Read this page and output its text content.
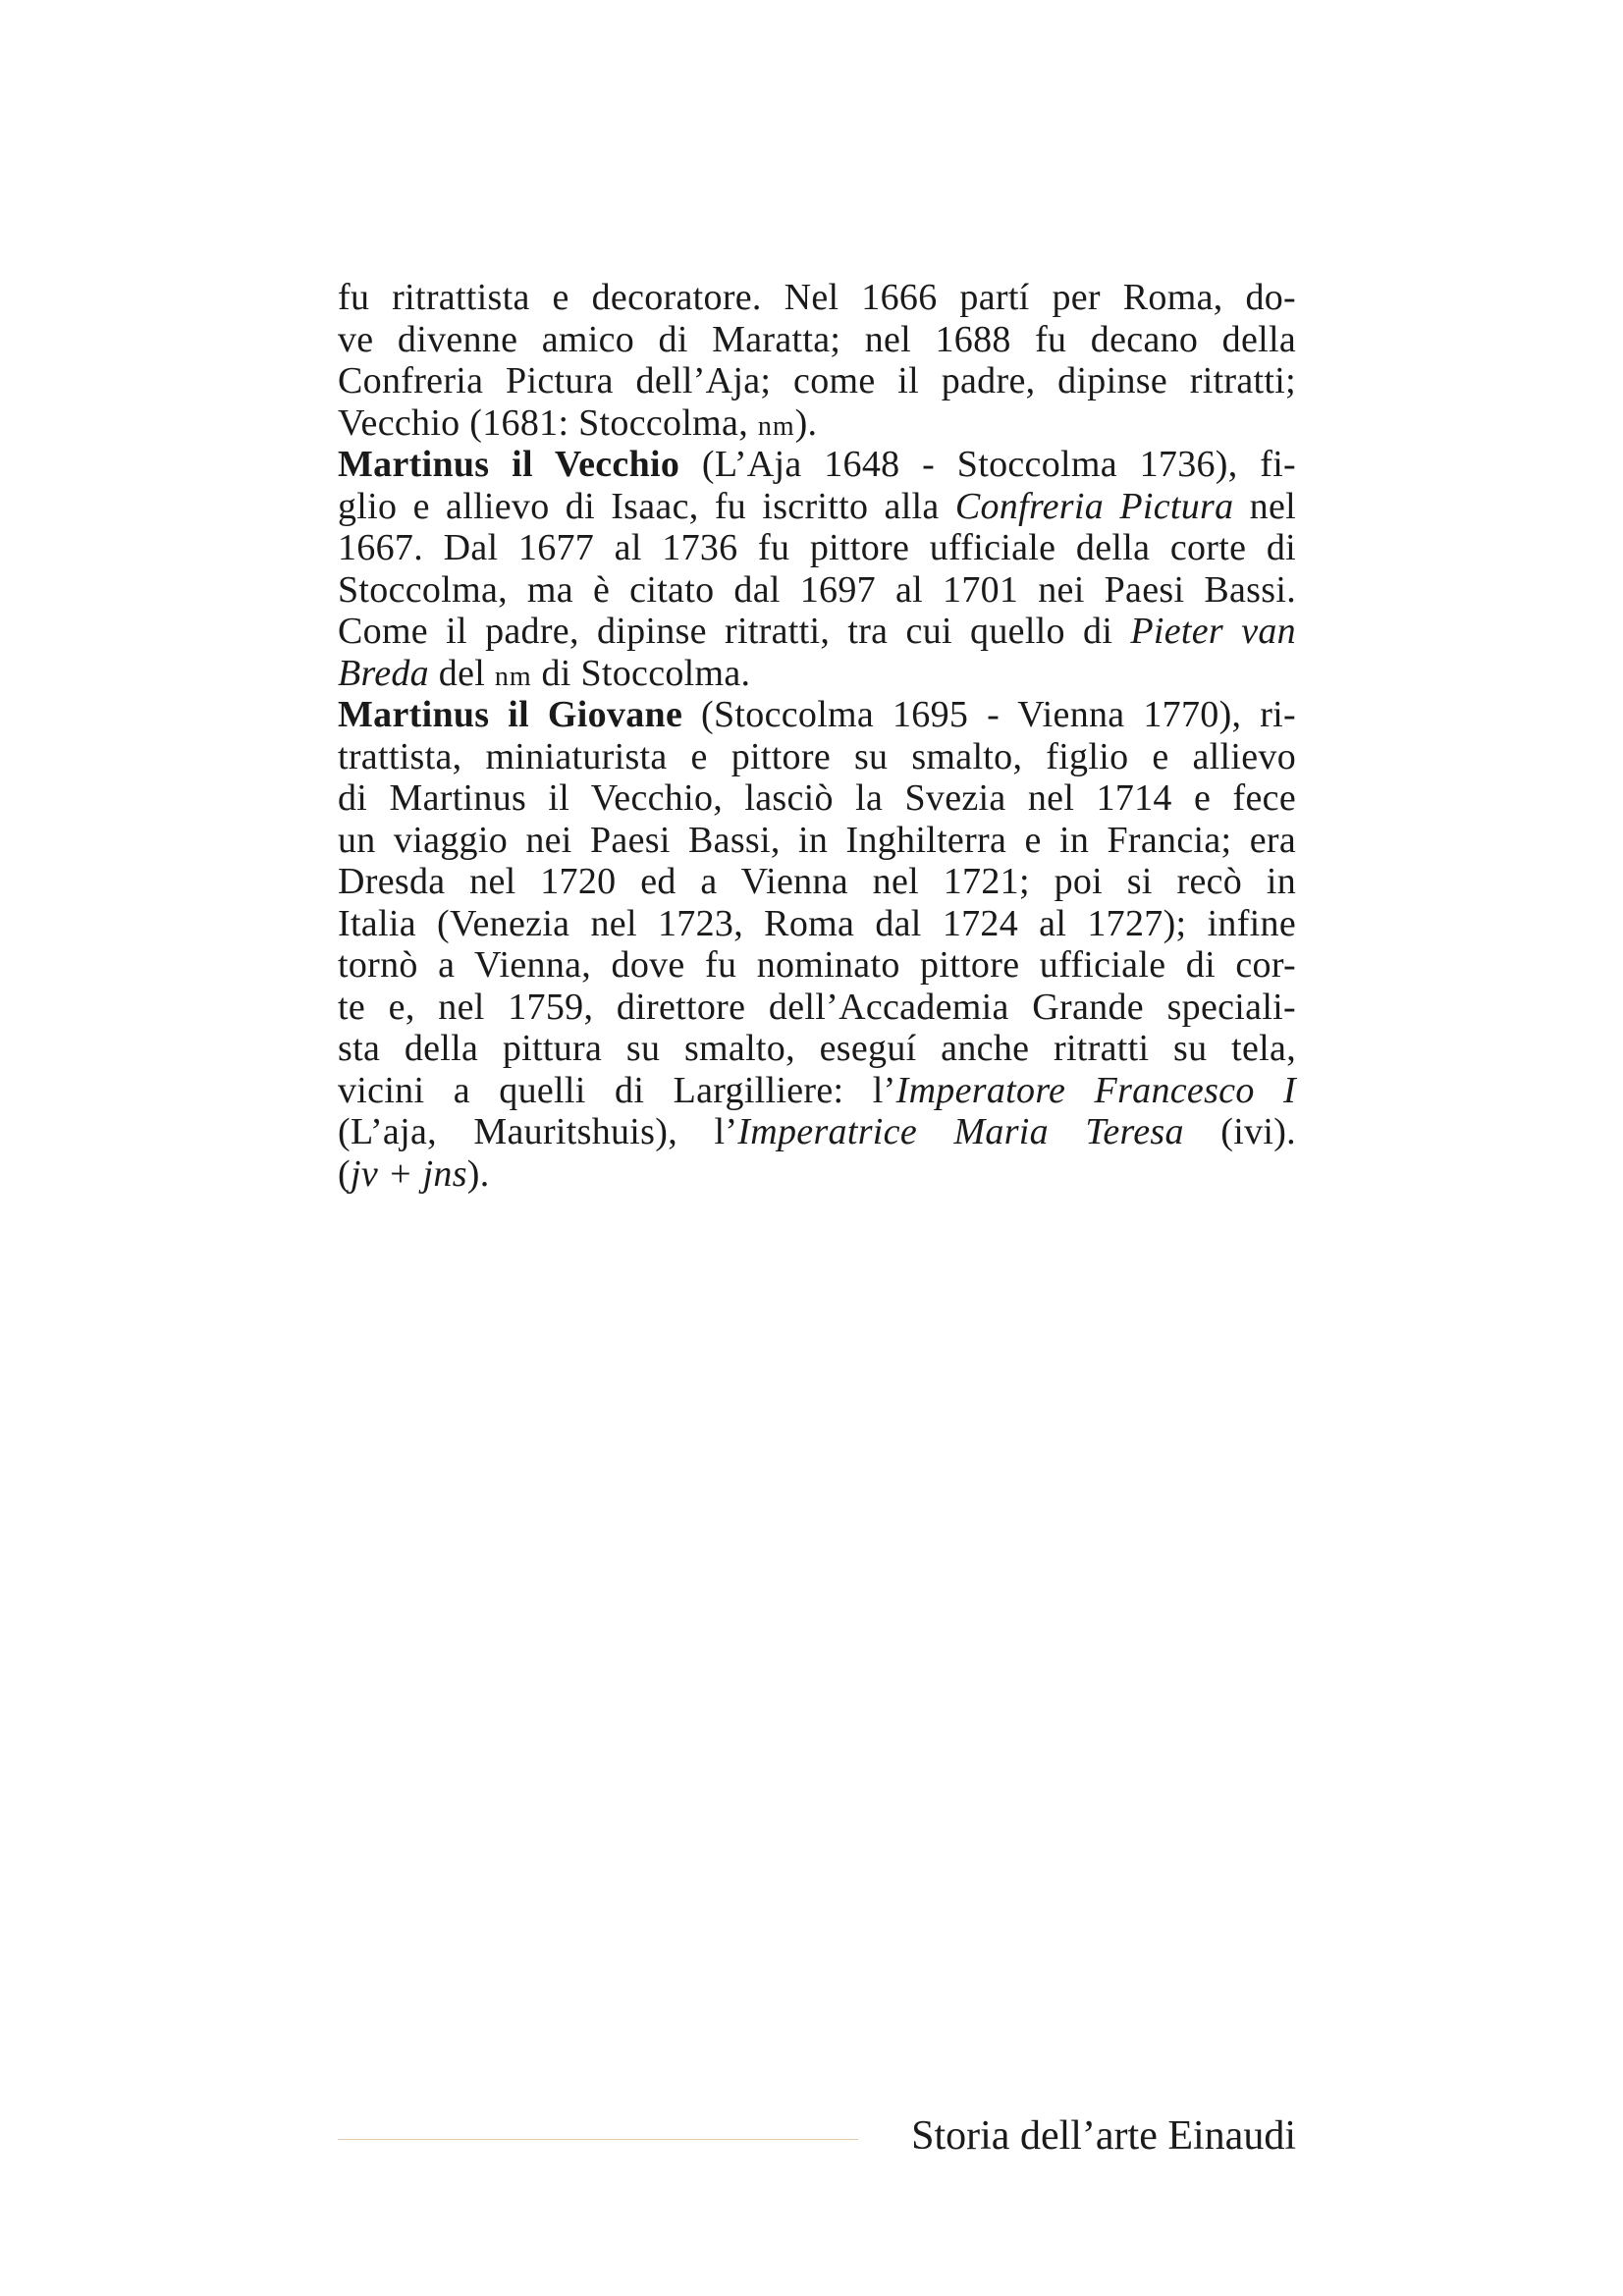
fu ritrattista e decoratore. Nel 1666 partí per Roma, do-
ve divenne amico di Maratta; nel 1688 fu decano della
Confreria Pictura dell’Aja; come il padre, dipinse ritratti;
Vecchio (1681: Stoccolma, nm).
Martinus il Vecchio (L’Aja 1648 - Stoccolma 1736), fi-
glio e allievo di Isaac, fu iscritto alla Confreria Pictura nel
1667. Dal 1677 al 1736 fu pittore ufficiale della corte di
Stoccolma, ma è citato dal 1697 al 1701 nei Paesi Bassi.
Come il padre, dipinse ritratti, tra cui quello di Pieter van
Breda del nm di Stoccolma.
Martinus il Giovane (Stoccolma 1695 - Vienna 1770), ri-
trattista, miniaturista e pittore su smalto, figlio e allievo
di Martinus il Vecchio, lasciò la Svezia nel 1714 e fece
un viaggio nei Paesi Bassi, in Inghilterra e in Francia; era
Dresda nel 1720 ed a Vienna nel 1721; poi si recò in
Italia (Venezia nel 1723, Roma dal 1724 al 1727); infine
tornò a Vienna, dove fu nominato pittore ufficiale di cor-
te e, nel 1759, direttore dell’Accademia Grande speciali-
sta della pittura su smalto, eseguí anche ritratti su tela,
vicini a quelli di Largilliere: l’Imperatore Francesco I
(L’aja, Mauritshuis), l’Imperatrice Maria Teresa (ivi).
(jv + jns).
Storia dell’arte Einaudi
